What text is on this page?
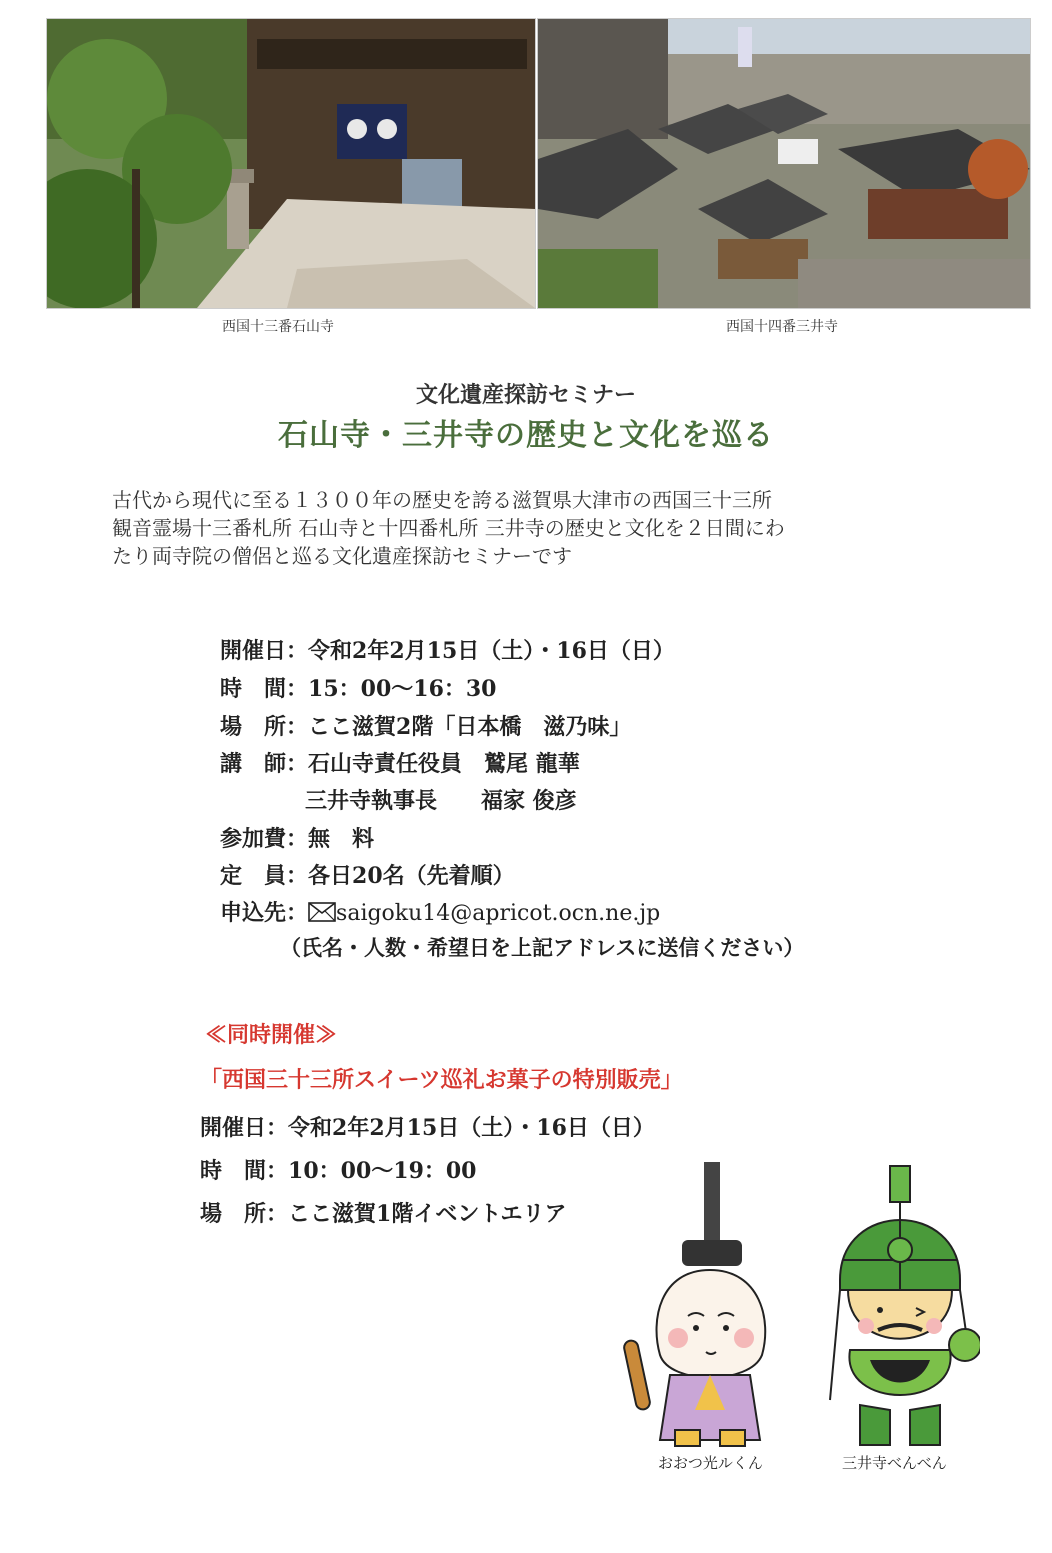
西国十三番石山寺	西国十四番三井寺
文化遺産探訪セミナー
石山寺・三井寺の歴史と文化を巡る
古代から現代に至る１３００年の歴史を誇る滋賀県大津市の西国三十三所
観音霊場十三番札所 石山寺と十四番札所 三井寺の歴史と文化を２日間にわ
たり両寺院の僧侶と巡る文化遺産探訪セミナーです
開催日：令和2年2月15日（土）・16日（日）
時　間：15：00～16：30
場　所：ここ滋賀2階「日本橋　滋乃味」
講　師：石山寺責任役員　鷲尾 龍華
三井寺執事長　　福家 俊彦
参加費：無　料
定　員：各日20名（先着順）
申込先： saigoku14@apricot.ocn.ne.jp
（氏名・人数・希望日を上記アドレスに送信ください）
≪同時開催≫
「西国三十三所スイーツ巡礼お菓子の特別販売」
開催日：令和2年2月15日（土）・16日（日）
時　間：10：00～19：00
場　所：ここ滋賀1階イベントエリア
おおつ光ルくん	三井寺べんべん
